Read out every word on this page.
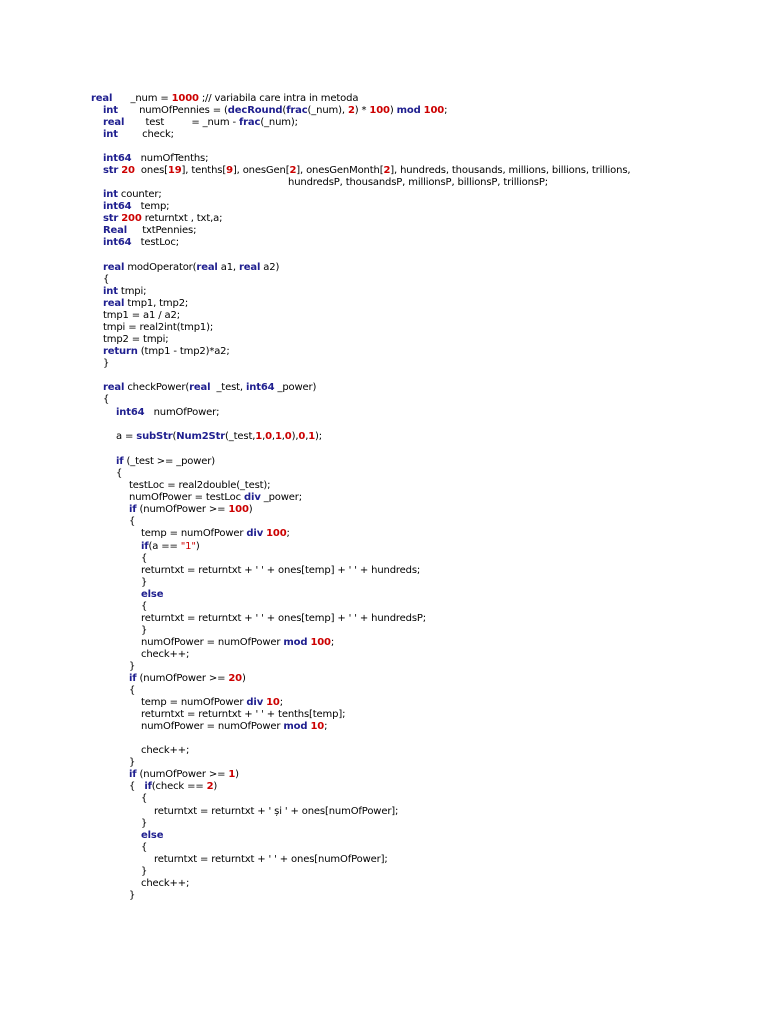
real      _num = 1000 ;// variabila care intra in metoda
int       numOfPennies = (decRound(frac(_num), 2) * 100) mod 100;
real       test         = _num - frac(_num);
int        check;
int64   numOfTenths;
str 20  ones[19], tenths[9], onesGen[2], onesGenMonth[2], hundreds, thousands, millions, billions, trillions,
hundredsP, thousandsP, millionsP, billionsP, trillionsP;
int counter;
int64   temp;
str 200 returntxt , txt,a;
Real     txtPennies;
int64   testLoc;
real modOperator(real a1, real a2)
{
int tmpi;
real tmp1, tmp2;
tmp1 = a1 / a2;
tmpi = real2int(tmp1);
tmp2 = tmpi;
return (tmp1 - tmp2)*a2;
}
real checkPower(real  _test, int64 _power)
{
int64   numOfPower;
a = subStr(Num2Str(_test,1,0,1,0),0,1);
if (_test >= _power)
{
testLoc = real2double(_test);
numOfPower = testLoc div _power;
if (numOfPower >= 100)
{
temp = numOfPower div 100;
if(a == "1")
{
returntxt = returntxt + ' ' + ones[temp] + ' ' + hundreds;
}
else
{
returntxt = returntxt + ' ' + ones[temp] + ' ' + hundredsP;
}
numOfPower = numOfPower mod 100;
check++;
}
if (numOfPower >= 20)
{
temp = numOfPower div 10;
returntxt = returntxt + ' ' + tenths[temp];
numOfPower = numOfPower mod 10;
check++;
}
if (numOfPower >= 1)
{   if(check == 2)
{
returntxt = returntxt + ' și ' + ones[numOfPower];
}
else
{
returntxt = returntxt + ' ' + ones[numOfPower];
}
check++;
}
